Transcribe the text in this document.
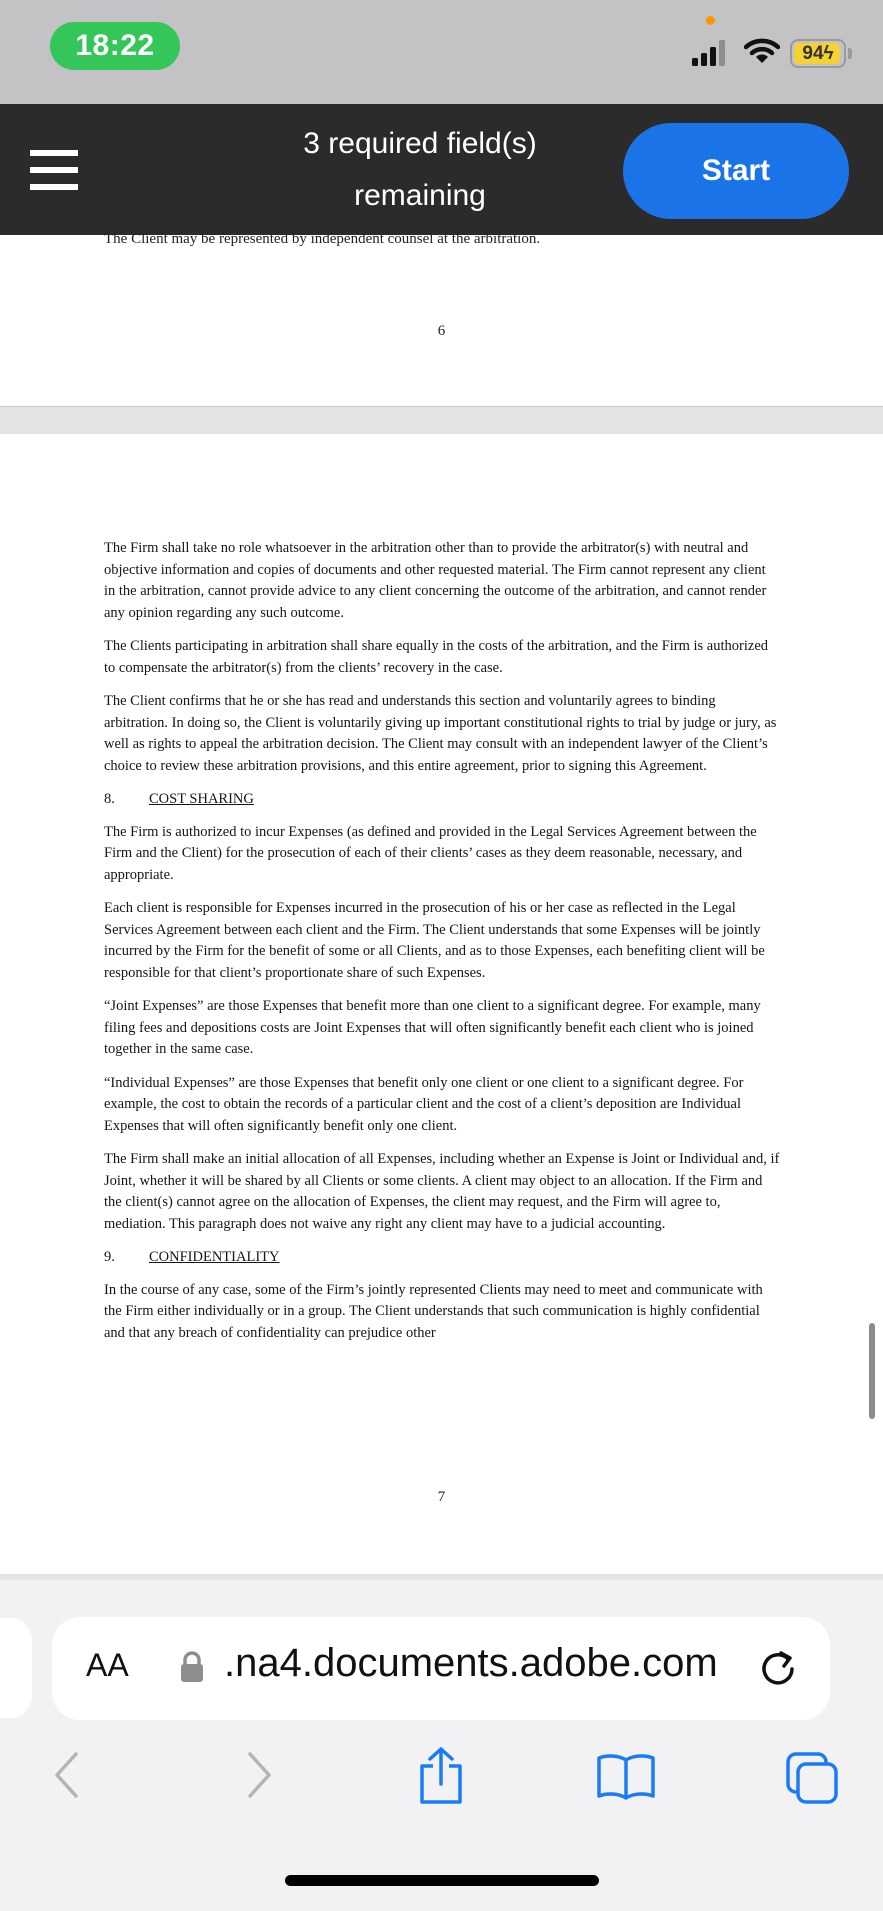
18:22	94 ϟ
3 required field(s)
remaining
Start
The Client may be represented by independent counsel at the arbitration.
6

The Firm shall take no role whatsoever in the arbitration other than to provide the arbitrator(s) with neutral and objective information and copies of documents and other requested material. The Firm cannot represent any client in the arbitration, cannot provide advice to any client concerning the outcome of the arbitration, and cannot render any opinion regarding any such outcome.

The Clients participating in arbitration shall share equally in the costs of the arbitration, and the Firm is authorized to compensate the arbitrator(s) from the clients’ recovery in the case.

The Client confirms that he or she has read and understands this section and voluntarily agrees to binding arbitration. In doing so, the Client is voluntarily giving up important constitutional rights to trial by judge or jury, as well as rights to appeal the arbitration decision. The Client may consult with an independent lawyer of the Client’s choice to review these arbitration provisions, and this entire agreement, prior to signing this Agreement.

8. COST SHARING

The Firm is authorized to incur Expenses (as defined and provided in the Legal Services Agreement between the Firm and the Client) for the prosecution of each of their clients’ cases as they deem reasonable, necessary, and appropriate.

Each client is responsible for Expenses incurred in the prosecution of his or her case as reflected in the Legal Services Agreement between each client and the Firm. The Client understands that some Expenses will be jointly incurred by the Firm for the benefit of some or all Clients, and as to those Expenses, each benefiting client will be responsible for that client’s proportionate share of such Expenses.

“Joint Expenses” are those Expenses that benefit more than one client to a significant degree. For example, many filing fees and depositions costs are Joint Expenses that will often significantly benefit each client who is joined together in the same case.

“Individual Expenses” are those Expenses that benefit only one client or one client to a significant degree. For example, the cost to obtain the records of a particular client and the cost of a client’s deposition are Individual Expenses that will often significantly benefit only one client.

The Firm shall make an initial allocation of all Expenses, including whether an Expense is Joint or Individual and, if Joint, whether it will be shared by all Clients or some clients. A client may object to an allocation. If the Firm and the client(s) cannot agree on the allocation of Expenses, the client may request, and the Firm will agree to, mediation. This paragraph does not waive any right any client may have to a judicial accounting.

9. CONFIDENTIALITY

In the course of any case, some of the Firm’s jointly represented Clients may need to meet and communicate with the Firm either individually or in a group. The Client understands that such communication is highly confidential and that any breach of confidentiality can prejudice other

7
AA  .na4.documents.adobe.com
